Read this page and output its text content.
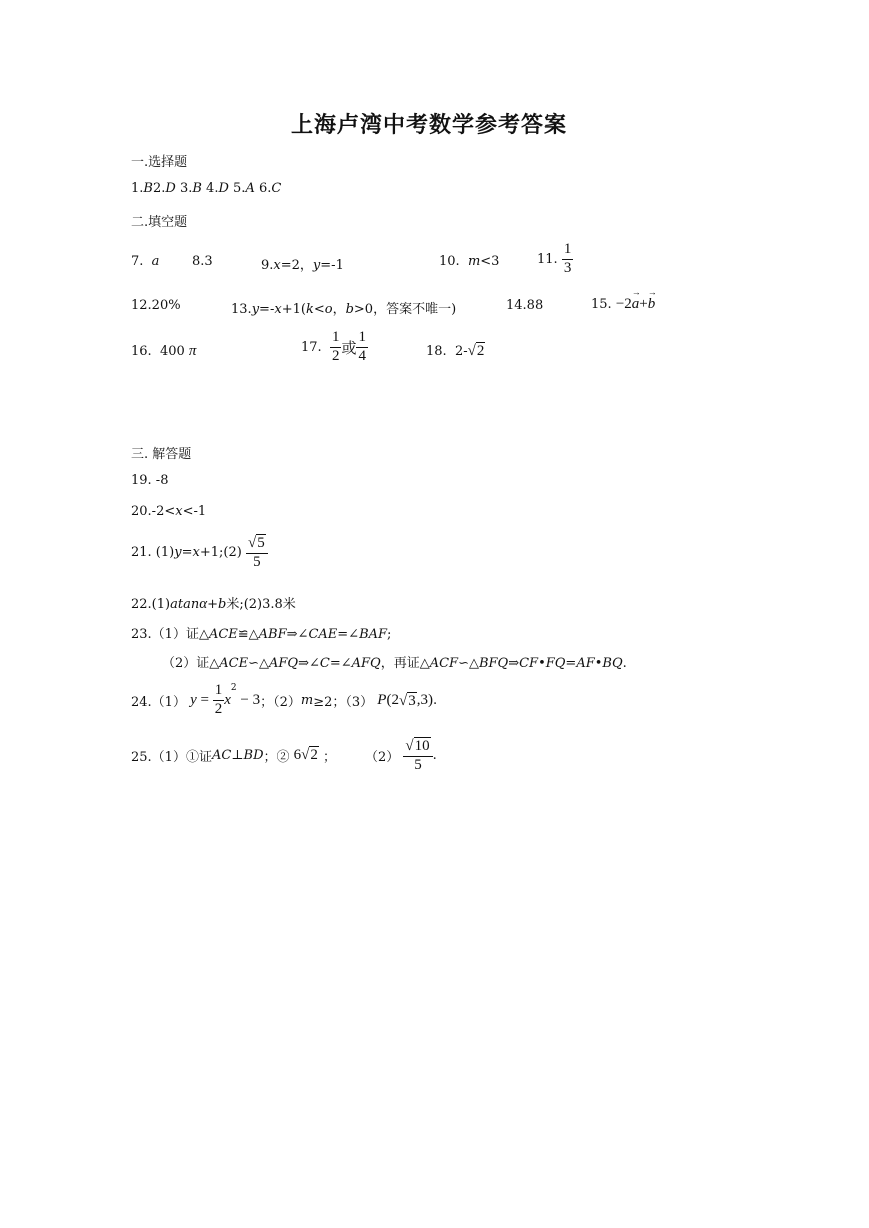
上海卢湾中考数学参考答案
一.选择题
1.B2.D 3.B 4.D 5.A 6.C
二.填空题
7. a	8.3	9.x=2，y=-1	10. m<3	11. $\frac{1}{3}$
12.20%	13.y=-x+1(k<o，b>0，答案不唯一)	14.88	15. −2a →+b →
16. 400 π	17. $\frac{1}{2}$ 或 $\frac{1}{4}$	18. 2-√2
三. 解答题
19. -8
20.-2<x<-1
21. (1)y=x+1;(2) $\frac{√5}{5}$
22.(1)atanα+b米;(2)3.8米
23.（1）证△ACE≌△ABF⇒∠CAE=∠BAF;
（2）证△ACE∽△AFQ⇒∠C=∠AFQ，再证△ACF∽△BFQ⇒CF•FQ=AF•BQ.
24.（1） $y = \frac{1}{2} x^2 - 3$；（2）m≥2；（3） P(2√3,3).
25.（1）①证AC⊥BD；② 6√2 ； $(2) \frac{√10}{5}$ .
